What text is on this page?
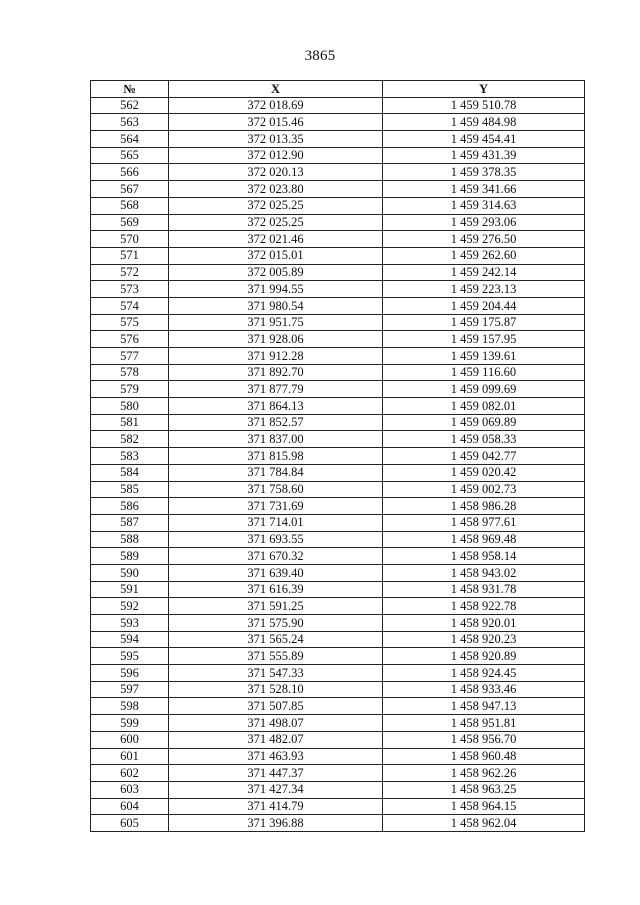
3865
№	X	Y
562	372 018.69	1 459 510.78
563	372 015.46	1 459 484.98
564	372 013.35	1 459 454.41
565	372 012.90	1 459 431.39
566	372 020.13	1 459 378.35
567	372 023.80	1 459 341.66
568	372 025.25	1 459 314.63
569	372 025.25	1 459 293.06
570	372 021.46	1 459 276.50
571	372 015.01	1 459 262.60
572	372 005.89	1 459 242.14
573	371 994.55	1 459 223.13
574	371 980.54	1 459 204.44
575	371 951.75	1 459 175.87
576	371 928.06	1 459 157.95
577	371 912.28	1 459 139.61
578	371 892.70	1 459 116.60
579	371 877.79	1 459 099.69
580	371 864.13	1 459 082.01
581	371 852.57	1 459 069.89
582	371 837.00	1 459 058.33
583	371 815.98	1 459 042.77
584	371 784.84	1 459 020.42
585	371 758.60	1 459 002.73
586	371 731.69	1 458 986.28
587	371 714.01	1 458 977.61
588	371 693.55	1 458 969.48
589	371 670.32	1 458 958.14
590	371 639.40	1 458 943.02
591	371 616.39	1 458 931.78
592	371 591.25	1 458 922.78
593	371 575.90	1 458 920.01
594	371 565.24	1 458 920.23
595	371 555.89	1 458 920.89
596	371 547.33	1 458 924.45
597	371 528.10	1 458 933.46
598	371 507.85	1 458 947.13
599	371 498.07	1 458 951.81
600	371 482.07	1 458 956.70
601	371 463.93	1 458 960.48
602	371 447.37	1 458 962.26
603	371 427.34	1 458 963.25
604	371 414.79	1 458 964.15
605	371 396.88	1 458 962.04
